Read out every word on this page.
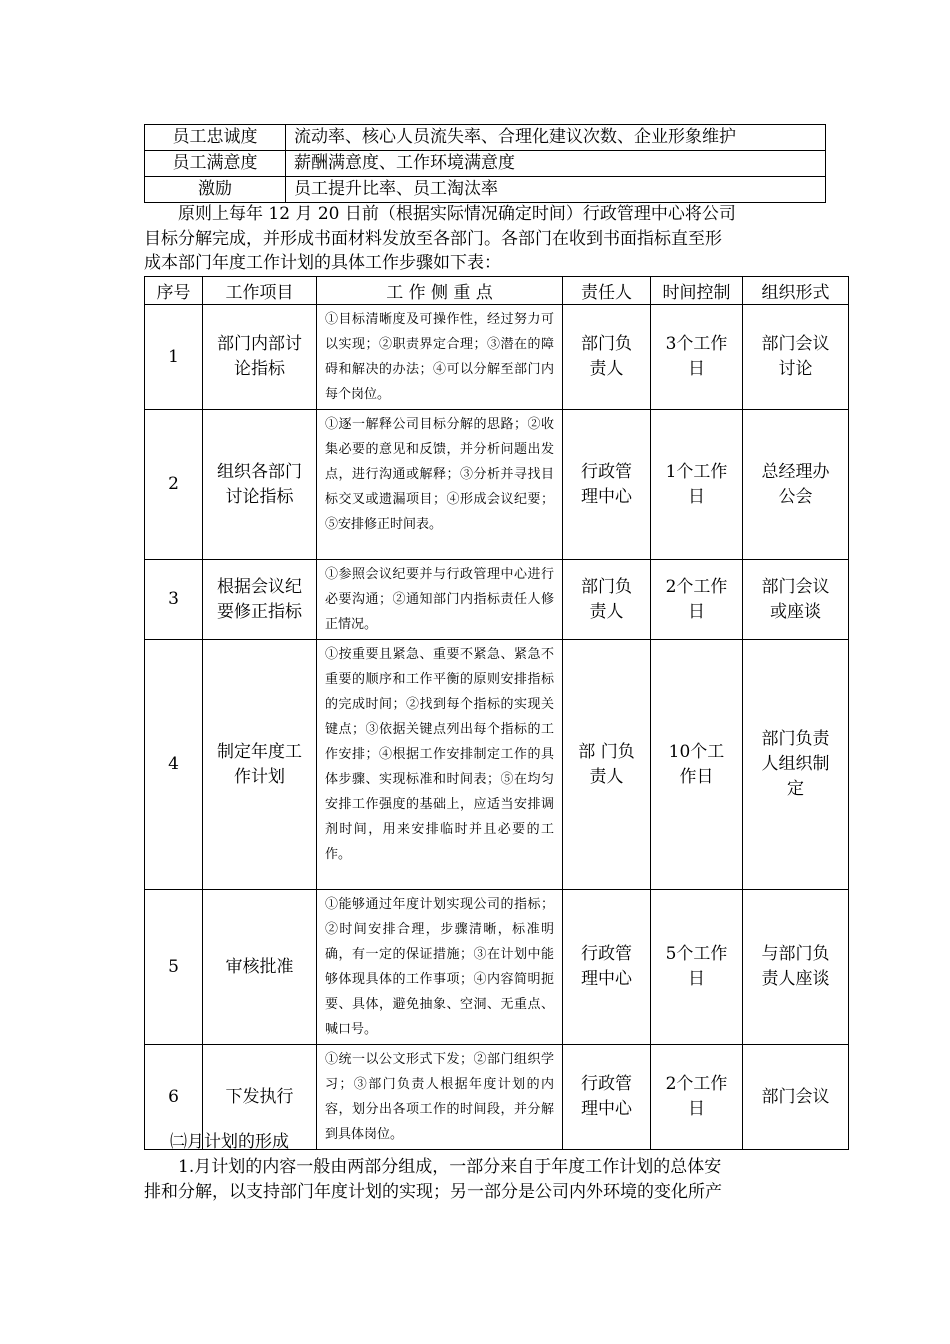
员工忠诚度	流动率、核心人员流失率、合理化建议次数、企业形象维护
员工满意度	薪酬满意度、工作环境满意度
激励	员工提升比率、员工淘汰率

原则上每年 12 月 20 日前（根据实际情况确定时间）行政管理中心将公司

目标分解完成，并形成书面材料发放至各部门。各部门在收到书面指标直至形

成本部门年度工作计划的具体工作步骤如下表：

序号	工作项目	工 作 侧 重 点	责任人	时间控制	组织形式
1	部门内部讨论指标	①目标清晰度及可操作性，经过努力可以实现；②职责界定合理；③潜在的障碍和解决的办法；④可以分解至部门内每个岗位。	部门负责人	3个工作日	部门会议讨论
2	组织各部门讨论指标	①逐一解释公司目标分解的思路；②收集必要的意见和反馈，并分析问题出发点，进行沟通或解释；③分析并寻找目标交叉或遗漏项目；④形成会议纪要；⑤安排修正时间表。	行政管理中心	1个工作日	总经理办公会
3	根据会议纪要修正指标	①参照会议纪要并与行政管理中心进行必要沟通；②通知部门内指标责任人修正情况。	部门负责人	2个工作日	部门会议或座谈
4	制定年度工作计划	①按重要且紧急、重要不紧急、紧急不重要的顺序和工作平衡的原则安排指标的完成时间；②找到每个指标的实现关键点；③依据关键点列出每个指标的工作安排；④根据工作安排制定工作的具体步骤、实现标准和时间表；⑤在均匀安排工作强度的基础上，应适当安排调剂时间，用来安排临时并且必要的工作。	部 门负责人	10个工作日	部门负责人组织制定
5	审核批准	①能够通过年度计划实现公司的指标；②时间安排合理，步骤清晰，标准明确，有一定的保证措施；③在计划中能够体现具体的工作事项；④内容简明扼要、具体，避免抽象、空洞、无重点、喊口号。	行政管理中心	5个工作日	与部门负责人座谈
6	下发执行	①统一以公文形式下发；②部门组织学习；③部门负责人根据年度计划的内容，划分出各项工作的时间段，并分解到具体岗位。	行政管理中心	2个工作日	部门会议

㈡月计划的形成

1.月计划的内容一般由两部分组成，一部分来自于年度工作计划的总体安

排和分解，以支持部门年度计划的实现；另一部分是公司内外环境的变化所产
